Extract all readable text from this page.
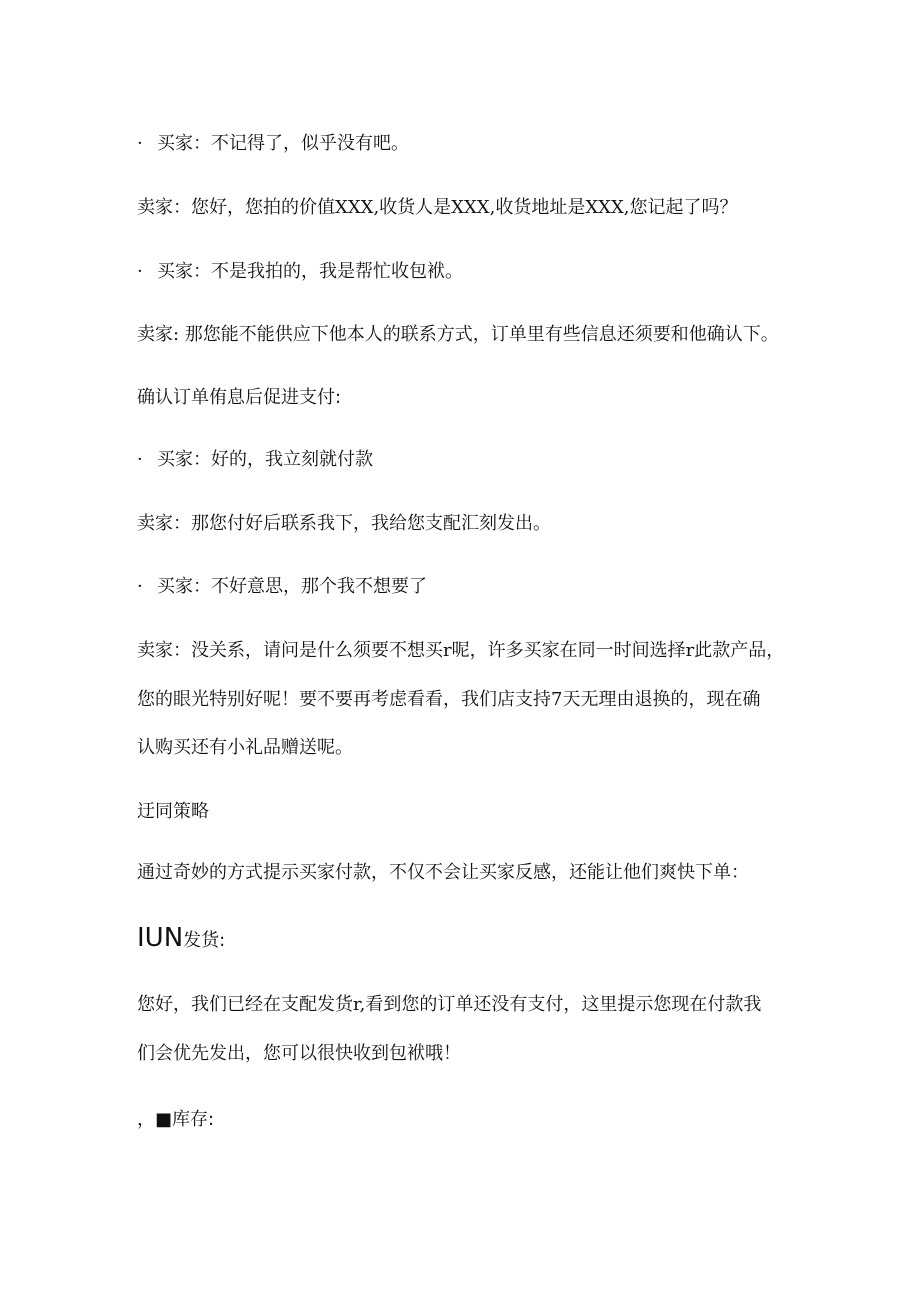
· 买家：不记得了，似乎没有吧。

卖家：您好，您拍的价值XXX,收货人是XXX,收货地址是XXX,您记起了吗？

· 买家：不是我拍的，我是帮忙收包袱。

卖家: 那您能不能供应下他本人的联系方式，订单里有些信息还须要和他确认下。

确认订单侑息后促进支付:

· 买家：好的，我立刻就付款

卖家：那您付好后联系我下，我给您支配汇刻发出。

· 买家：不好意思，那个我不想要了

卖家：没关系，请问是什么须要不想买r呢，许多买家在同一时间选择r此款产品，

您的眼光特别好呢！要不要再考虑看看，我们店支持7天无理由退换的，现在确

认购买还有小礼品赠送呢。

迂同策略

通过奇妙的方式提示买家付款，不仅不会让买家反感，还能让他们爽快下单：

IUN发货:

您好，我们已经在支配发货r,看到您的订单还没有支付，这里提示您现在付款我

们会优先发出，您可以很快收到包袱哦！

，■库存:
